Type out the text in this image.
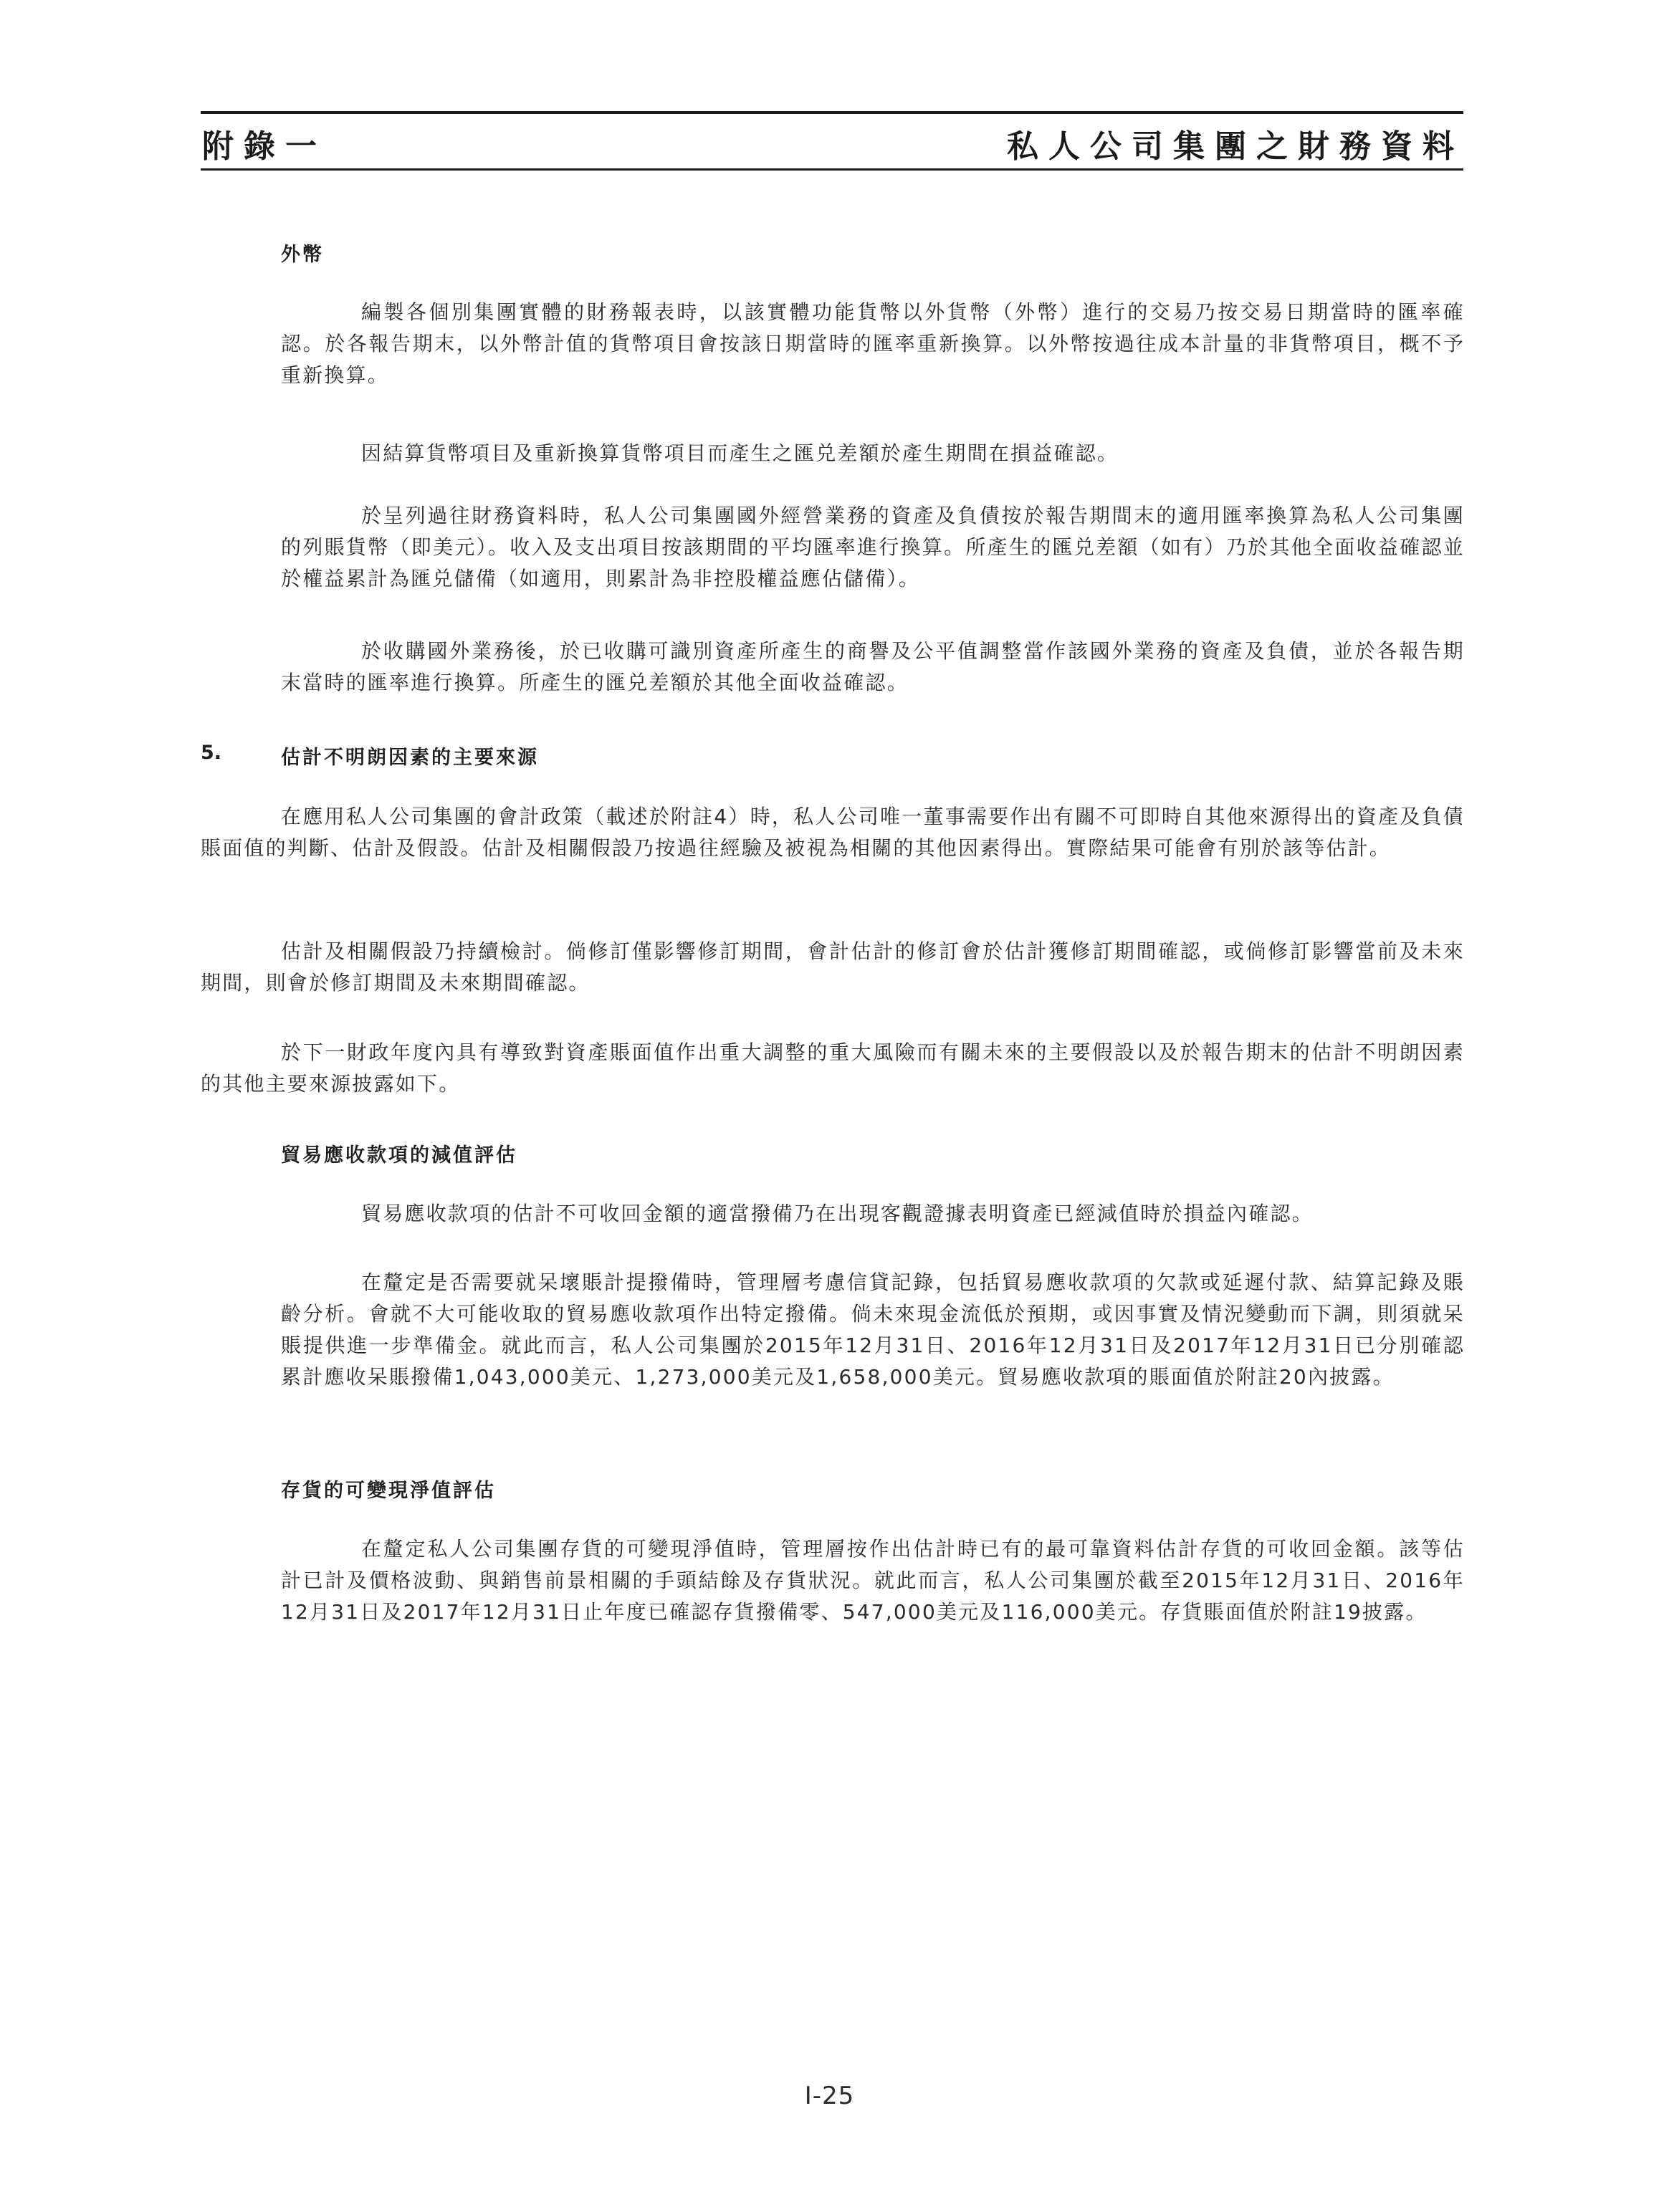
附錄一	私人公司集團之財務資料
外幣
編製各個別集團實體的財務報表時，以該實體功能貨幣以外貨幣（外幣）進行的交易乃按交易日期當時的匯率確認。於各報告期末，以外幣計值的貨幣項目會按該日期當時的匯率重新換算。以外幣按過往成本計量的非貨幣項目，概不予重新換算。
因結算貨幣項目及重新換算貨幣項目而產生之匯兑差額於產生期間在損益確認。
於呈列過往財務資料時，私人公司集團國外經營業務的資產及負債按於報告期間末的適用匯率換算為私人公司集團的列賬貨幣（即美元）。收入及支出項目按該期間的平均匯率進行換算。所產生的匯兑差額（如有）乃於其他全面收益確認並於權益累計為匯兑儲備（如適用，則累計為非控股權益應佔儲備）。
於收購國外業務後，於已收購可識別資產所產生的商譽及公平值調整當作該國外業務的資產及負債，並於各報告期末當時的匯率進行換算。所產生的匯兑差額於其他全面收益確認。
5.	估計不明朗因素的主要來源
在應用私人公司集團的會計政策（載述於附註4）時，私人公司唯一董事需要作出有關不可即時自其他來源得出的資產及負債賬面值的判斷、估計及假設。估計及相關假設乃按過往經驗及被視為相關的其他因素得出。實際結果可能會有別於該等估計。
估計及相關假設乃持續檢討。倘修訂僅影響修訂期間，會計估計的修訂會於估計獲修訂期間確認，或倘修訂影響當前及未來期間，則會於修訂期間及未來期間確認。
於下一財政年度內具有導致對資產賬面值作出重大調整的重大風險而有關未來的主要假設以及於報告期末的估計不明朗因素的其他主要來源披露如下。
貿易應收款項的減值評估
貿易應收款項的估計不可收回金額的適當撥備乃在出現客觀證據表明資產已經減值時於損益內確認。
在釐定是否需要就呆壞賬計提撥備時，管理層考慮信貸記錄，包括貿易應收款項的欠款或延遲付款、結算記錄及賬齡分析。會就不大可能收取的貿易應收款項作出特定撥備。倘未來現金流低於預期，或因事實及情況變動而下調，則須就呆賬提供進一步準備金。就此而言，私人公司集團於2015年12月31日、2016年12月31日及2017年12月31日已分別確認累計應收呆賬撥備1,043,000美元、1,273,000美元及1,658,000美元。貿易應收款項的賬面值於附註20內披露。
存貨的可變現淨值評估
在釐定私人公司集團存貨的可變現淨值時，管理層按作出估計時已有的最可靠資料估計存貨的可收回金額。該等估計已計及價格波動、與銷售前景相關的手頭結餘及存貨狀況。就此而言，私人公司集團於截至2015年12月31日、2016年12月31日及2017年12月31日止年度已確認存貨撥備零、547,000美元及116,000美元。存貨賬面值於附註19披露。
I-25
